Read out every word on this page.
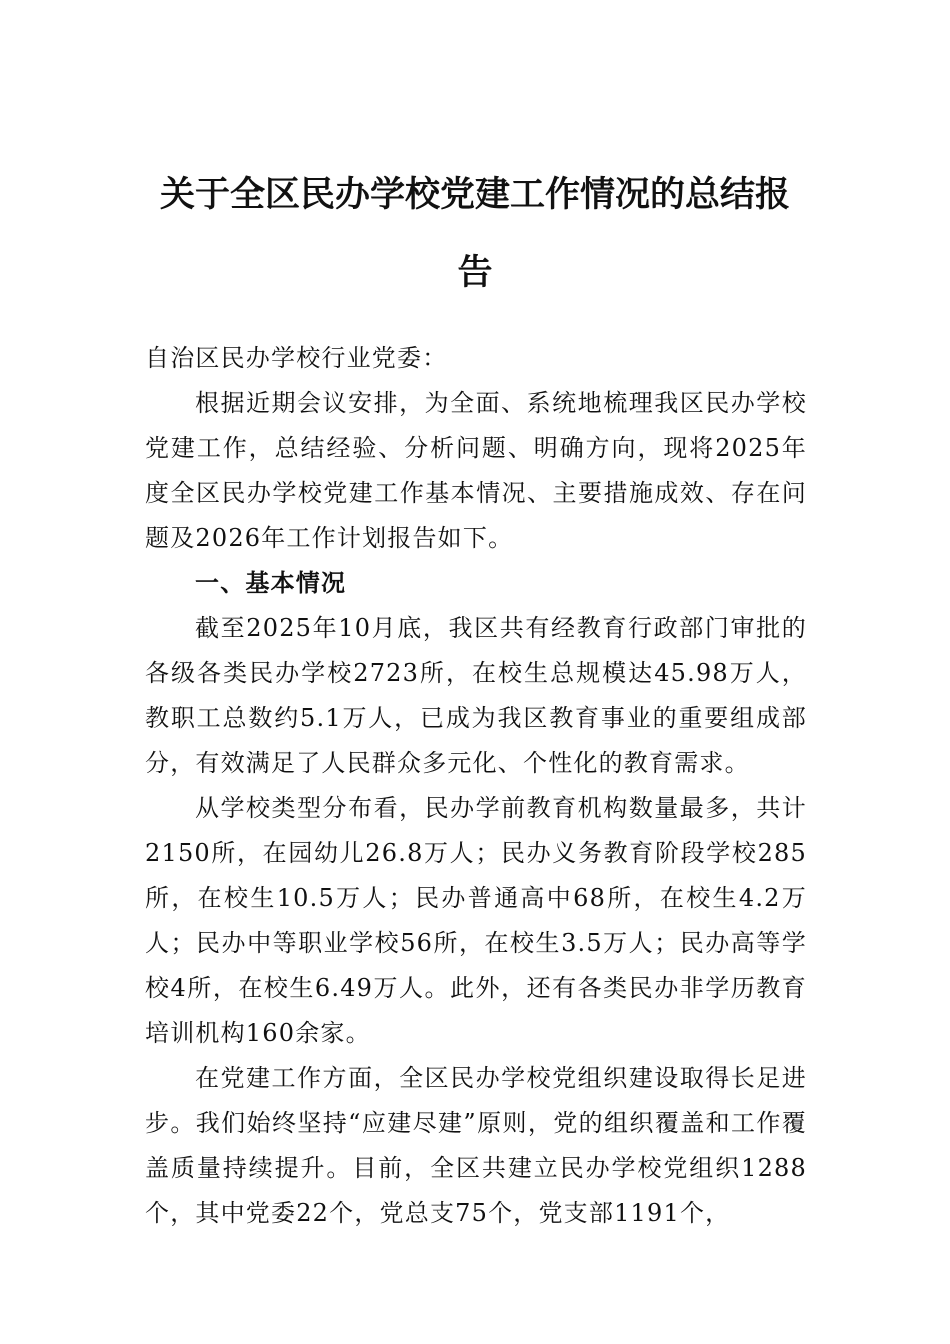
关于全区民办学校党建工作情况的总结报告

自治区民办学校行业党委：

根据近期会议安排，为全面、系统地梳理我区民办学校党建工作，总结经验、分析问题、明确方向，现将2025年度全区民办学校党建工作基本情况、主要措施成效、存在问题及2026年工作计划报告如下。

一、基本情况

截至2025年10月底，我区共有经教育行政部门审批的各级各类民办学校2723所，在校生总规模达45.98万人，教职工总数约5.1万人，已成为我区教育事业的重要组成部分，有效满足了人民群众多元化、个性化的教育需求。

从学校类型分布看，民办学前教育机构数量最多，共计2150所，在园幼儿26.8万人；民办义务教育阶段学校285所，在校生10.5万人；民办普通高中68所，在校生4.2万人；民办中等职业学校56所，在校生3.5万人；民办高等学校4所，在校生6.49万人。此外，还有各类民办非学历教育培训机构160余家。

在党建工作方面，全区民办学校党组织建设取得长足进步。我们始终坚持“应建尽建”原则，党的组织覆盖和工作覆盖质量持续提升。目前，全区共建立民办学校党组织1288个，其中党委22个，党总支75个，党支部1191个，
